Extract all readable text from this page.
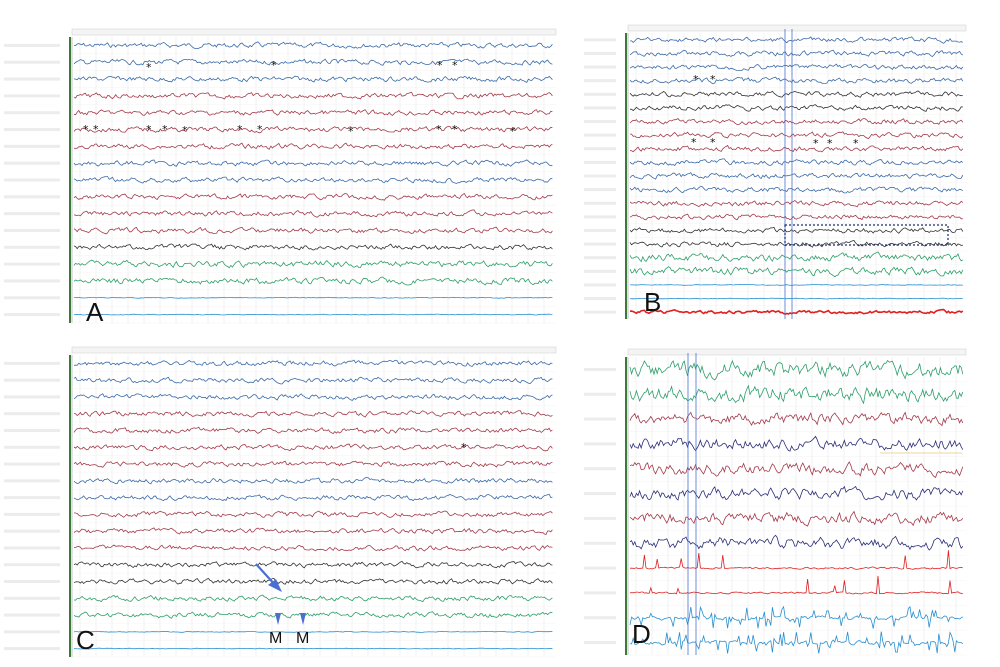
A	B
C	D
*	*	* *
* *	* * *	* *	*	* *	*
* *
* *	* * *
*
M M
